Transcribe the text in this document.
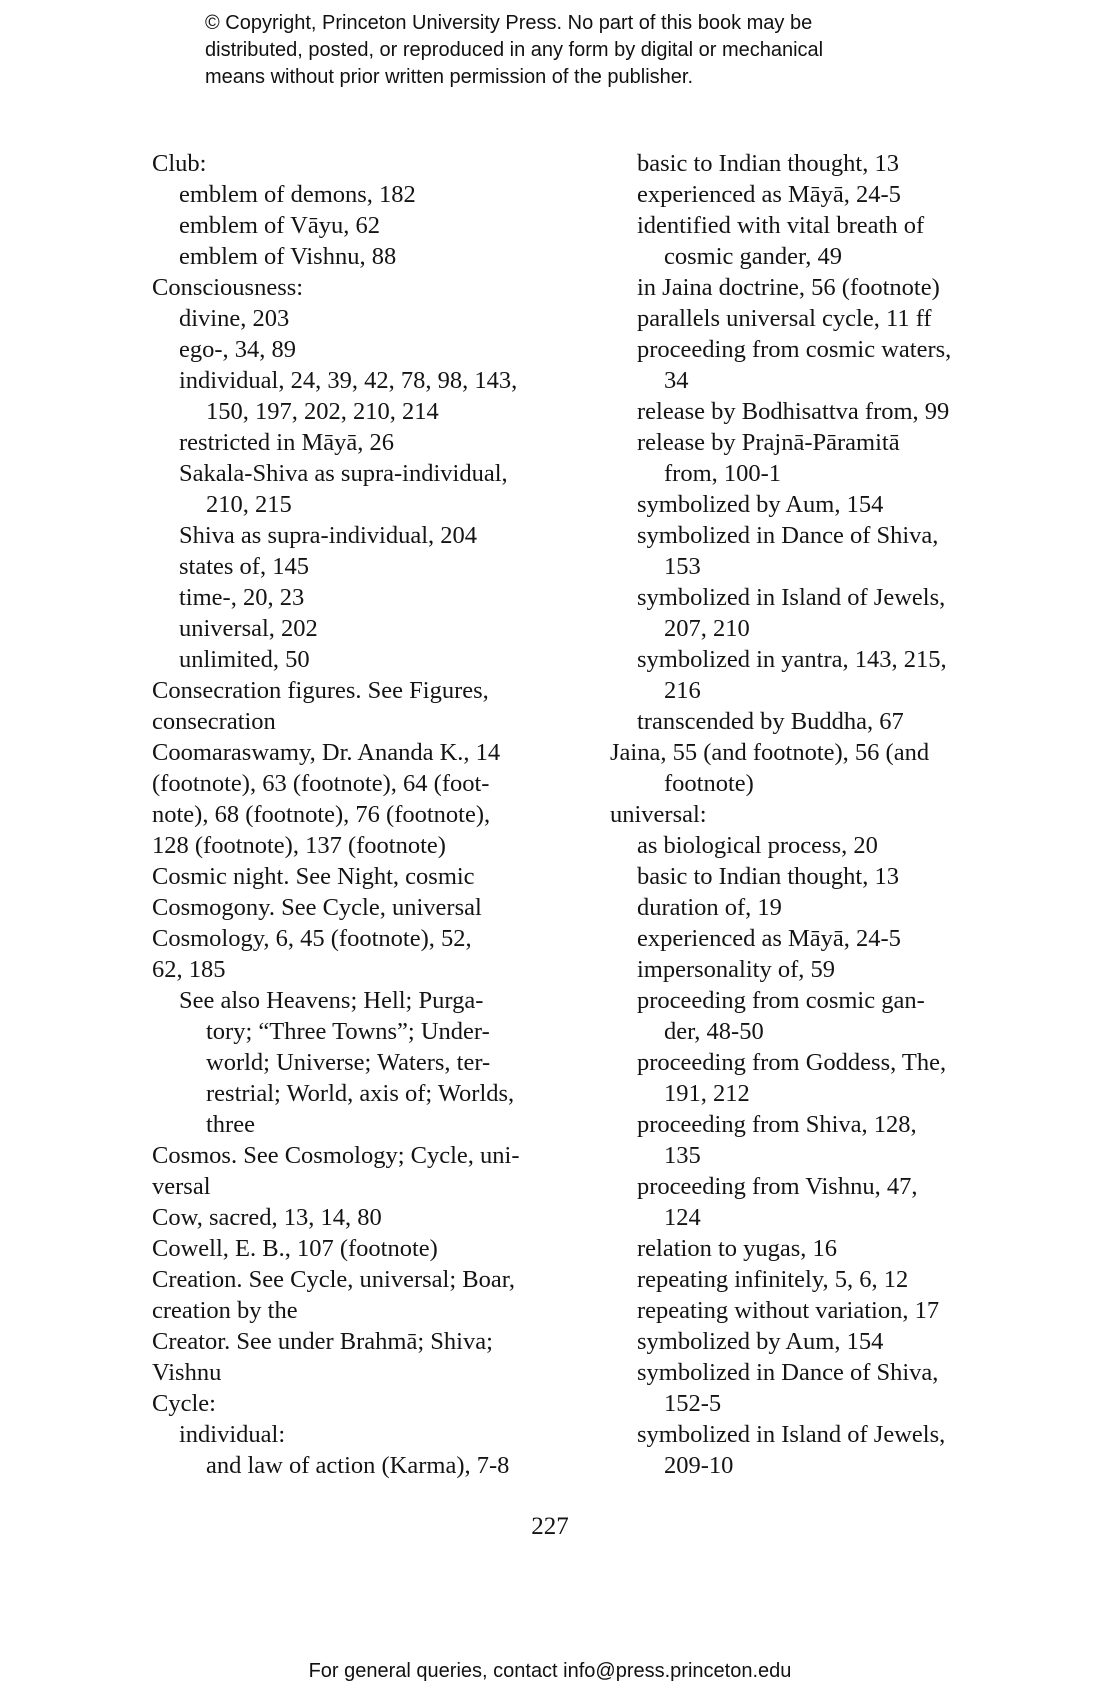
© Copyright, Princeton University Press. No part of this book may be
distributed, posted, or reproduced in any form by digital or mechanical
means without prior written permission of the publisher.
Club:
emblem of demons, 182
emblem of Vāyu, 62
emblem of Vishnu, 88
Consciousness:
divine, 203
ego-, 34, 89
individual, 24, 39, 42, 78, 98, 143,
150, 197, 202, 210, 214
restricted in Māyā, 26
Sakala-Shiva as supra-individual,
210, 215
Shiva as supra-individual, 204
states of, 145
time-, 20, 23
universal, 202
unlimited, 50
Consecration figures. See Figures,
consecration
Coomaraswamy, Dr. Ananda K., 14
(footnote), 63 (footnote), 64 (foot-
note), 68 (footnote), 76 (footnote),
128 (footnote), 137 (footnote)
Cosmic night. See Night, cosmic
Cosmogony. See Cycle, universal
Cosmology, 6, 45 (footnote), 52,
62, 185
See also Heavens; Hell; Purga-
tory; “Three Towns”; Under-
world; Universe; Waters, ter-
restrial; World, axis of; Worlds,
three
Cosmos. See Cosmology; Cycle, uni-
versal
Cow, sacred, 13, 14, 80
Cowell, E. B., 107 (footnote)
Creation. See Cycle, universal; Boar,
creation by the
Creator. See under Brahmā; Shiva;
Vishnu
Cycle:
individual:
and law of action (Karma), 7-8
basic to Indian thought, 13
experienced as Māyā, 24-5
identified with vital breath of
cosmic gander, 49
in Jaina doctrine, 56 (footnote)
parallels universal cycle, 11 ff
proceeding from cosmic waters,
34
release by Bodhisattva from, 99
release by Prajnā-Pāramitā
from, 100-1
symbolized by Aum, 154
symbolized in Dance of Shiva,
153
symbolized in Island of Jewels,
207, 210
symbolized in yantra, 143, 215,
216
transcended by Buddha, 67
Jaina, 55 (and footnote), 56 (and
footnote)
universal:
as biological process, 20
basic to Indian thought, 13
duration of, 19
experienced as Māyā, 24-5
impersonality of, 59
proceeding from cosmic gan-
der, 48-50
proceeding from Goddess, The,
191, 212
proceeding from Shiva, 128,
135
proceeding from Vishnu, 47,
124
relation to yugas, 16
repeating infinitely, 5, 6, 12
repeating without variation, 17
symbolized by Aum, 154
symbolized in Dance of Shiva,
152-5
symbolized in Island of Jewels,
209-10
227
For general queries, contact info@press.princeton.edu
